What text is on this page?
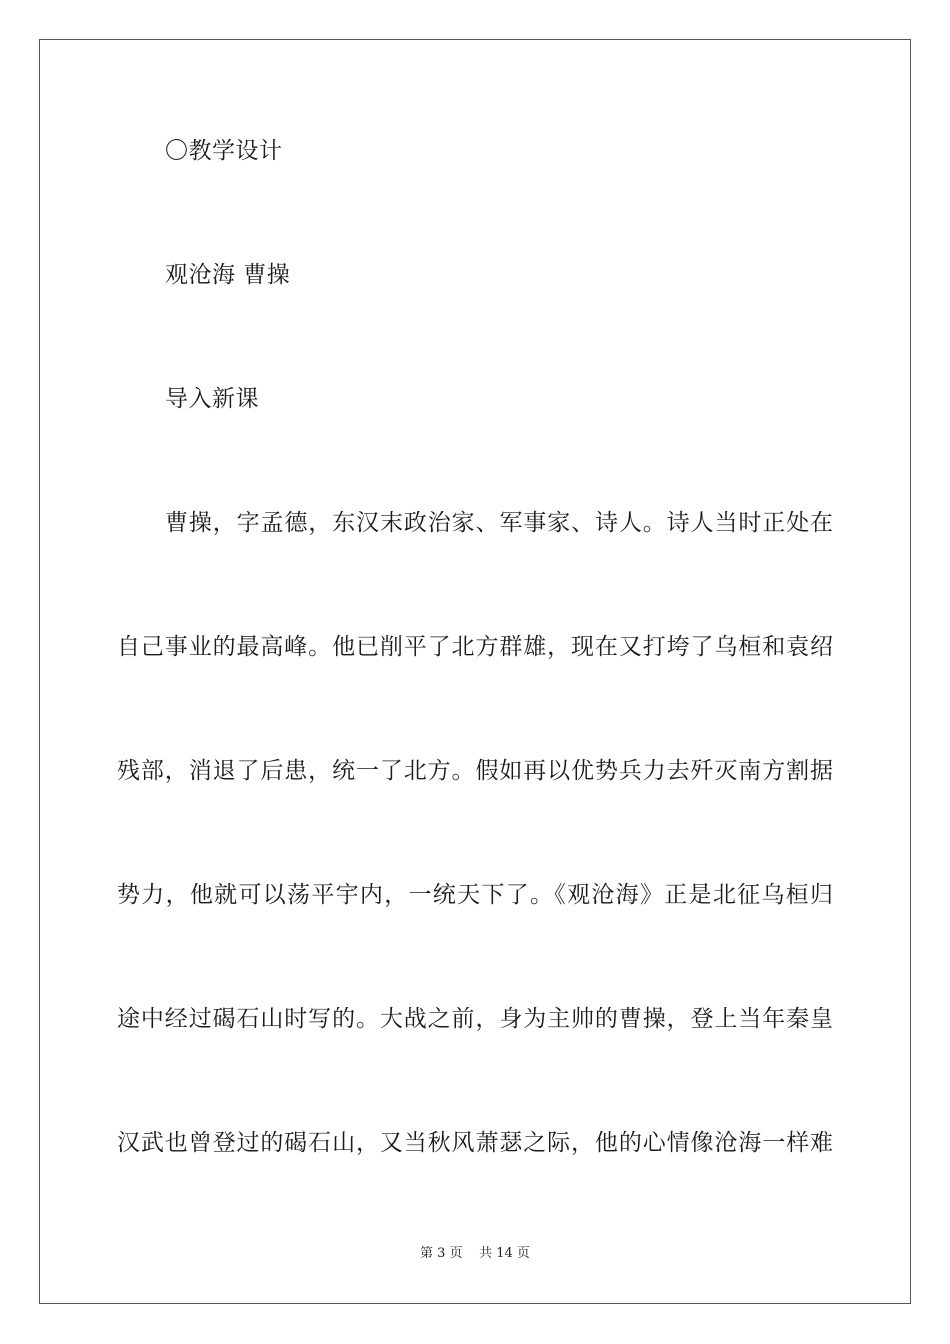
〇教学设计
观沧海 曹操
导入新课
曹操，字孟德，东汉末政治家、军事家、诗人。诗人当时正处在
自己事业的最高峰。他已削平了北方群雄，现在又打垮了乌桓和袁绍
残部，消退了后患，统一了北方。假如再以优势兵力去歼灭南方割据
势力，他就可以荡平宇内，一统天下了。《观沧海》正是北征乌桓归
途中经过碣石山时写的。大战之前，身为主帅的曹操，登上当年秦皇
汉武也曾登过的碣石山，又当秋风萧瑟之际，他的心情像沧海一样难
第 3 页 共 14 页
